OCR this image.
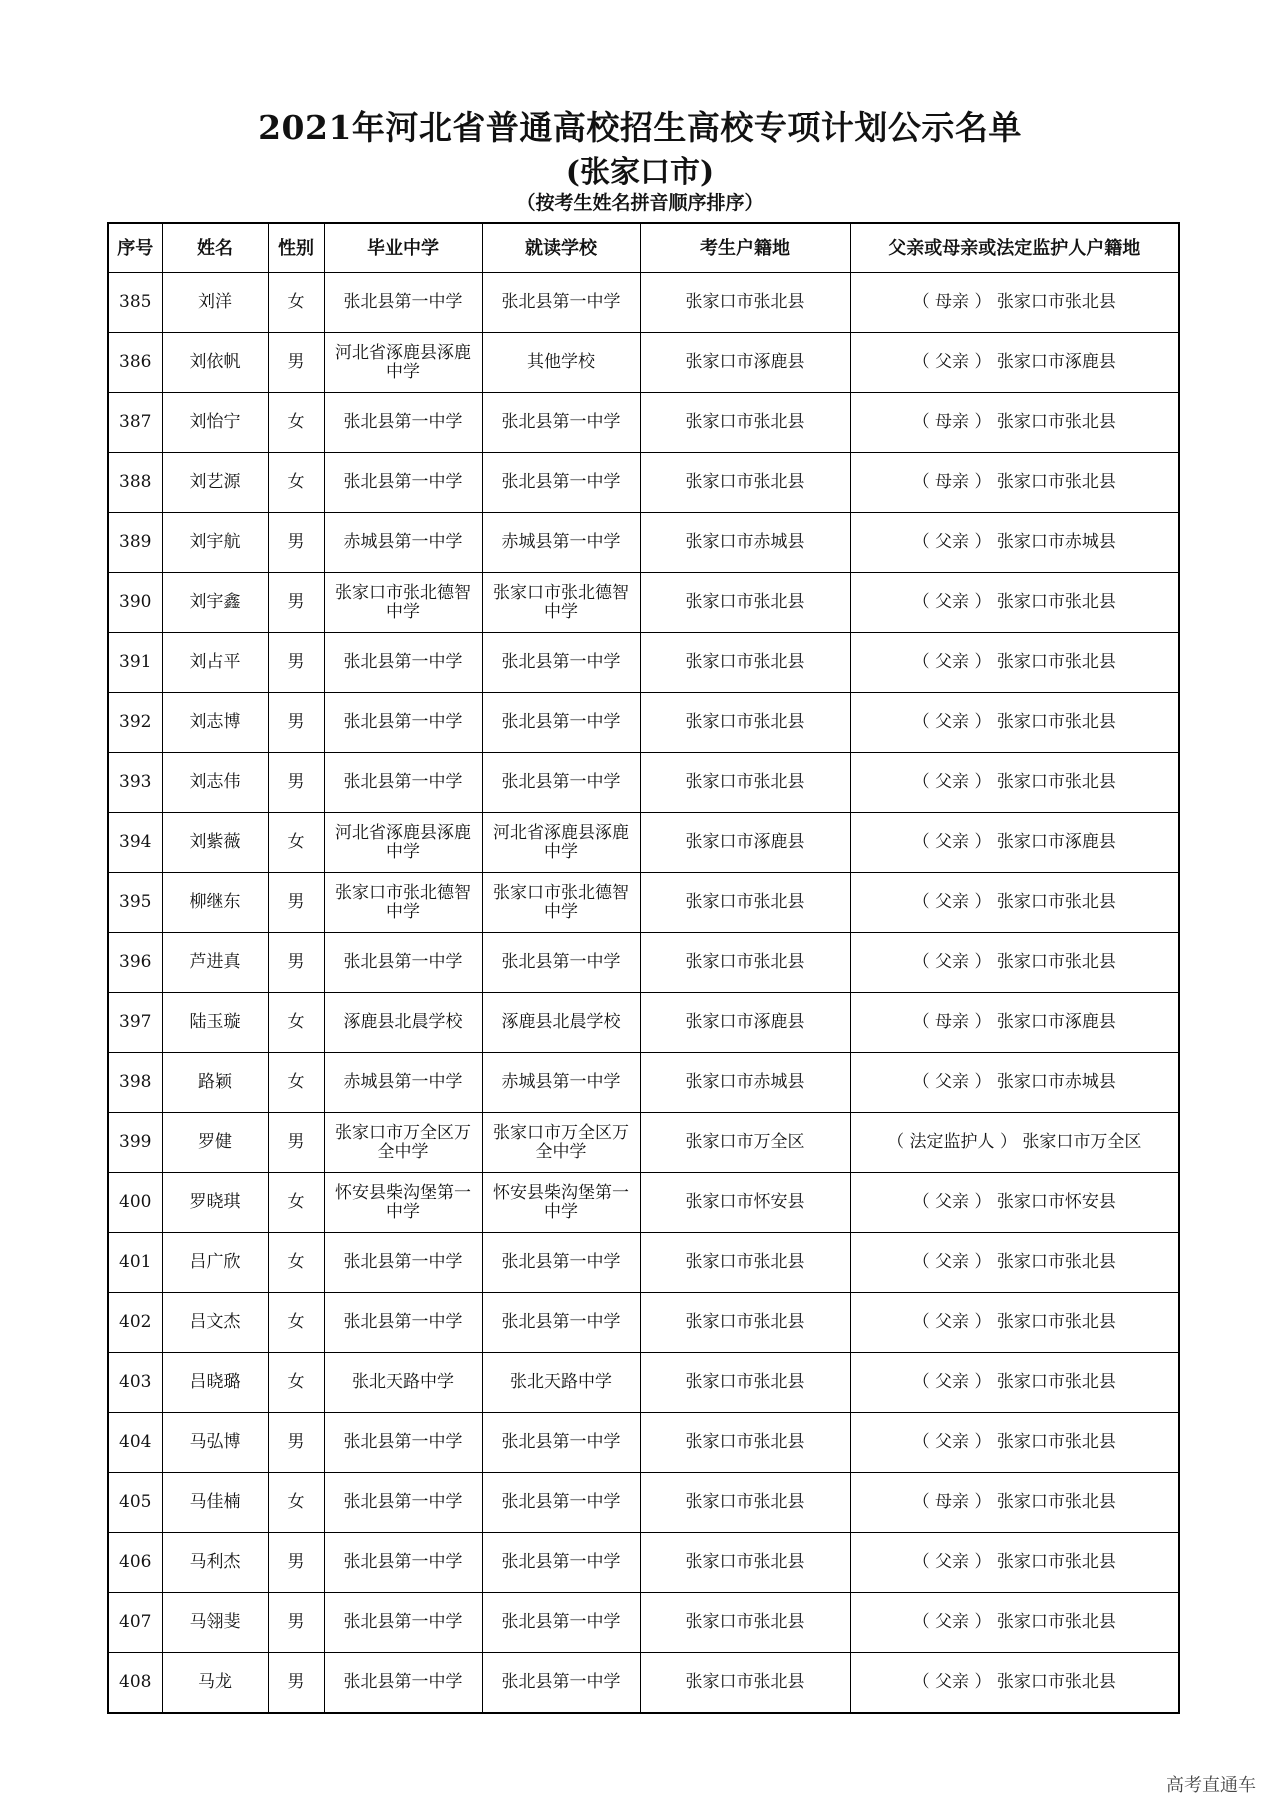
2021年河北省普通高校招生高校专项计划公示名单
(张家口市)
（按考生姓名拼音顺序排序）
序号	姓名	性别	毕业中学	就读学校	考生户籍地	父亲或母亲或法定监护人户籍地
385	刘洋	女	张北县第一中学	张北县第一中学	张家口市张北县	（ 母亲 ） 张家口市张北县
386	刘依帆	男	河北省涿鹿县涿鹿中学	其他学校	张家口市涿鹿县	（ 父亲 ） 张家口市涿鹿县
387	刘怡宁	女	张北县第一中学	张北县第一中学	张家口市张北县	（ 母亲 ） 张家口市张北县
388	刘艺源	女	张北县第一中学	张北县第一中学	张家口市张北县	（ 母亲 ） 张家口市张北县
389	刘宇航	男	赤城县第一中学	赤城县第一中学	张家口市赤城县	（ 父亲 ） 张家口市赤城县
390	刘宇鑫	男	张家口市张北德智中学	张家口市张北德智中学	张家口市张北县	（ 父亲 ） 张家口市张北县
391	刘占平	男	张北县第一中学	张北县第一中学	张家口市张北县	（ 父亲 ） 张家口市张北县
392	刘志博	男	张北县第一中学	张北县第一中学	张家口市张北县	（ 父亲 ） 张家口市张北县
393	刘志伟	男	张北县第一中学	张北县第一中学	张家口市张北县	（ 父亲 ） 张家口市张北县
394	刘紫薇	女	河北省涿鹿县涿鹿中学	河北省涿鹿县涿鹿中学	张家口市涿鹿县	（ 父亲 ） 张家口市涿鹿县
395	柳继东	男	张家口市张北德智中学	张家口市张北德智中学	张家口市张北县	（ 父亲 ） 张家口市张北县
396	芦进真	男	张北县第一中学	张北县第一中学	张家口市张北县	（ 父亲 ） 张家口市张北县
397	陆玉璇	女	涿鹿县北晨学校	涿鹿县北晨学校	张家口市涿鹿县	（ 母亲 ） 张家口市涿鹿县
398	路颖	女	赤城县第一中学	赤城县第一中学	张家口市赤城县	（ 父亲 ） 张家口市赤城县
399	罗健	男	张家口市万全区万全中学	张家口市万全区万全中学	张家口市万全区	（ 法定监护人 ） 张家口市万全区
400	罗晓琪	女	怀安县柴沟堡第一中学	怀安县柴沟堡第一中学	张家口市怀安县	（ 父亲 ） 张家口市怀安县
401	吕广欣	女	张北县第一中学	张北县第一中学	张家口市张北县	（ 父亲 ） 张家口市张北县
402	吕文杰	女	张北县第一中学	张北县第一中学	张家口市张北县	（ 父亲 ） 张家口市张北县
403	吕晓璐	女	张北天路中学	张北天路中学	张家口市张北县	（ 父亲 ） 张家口市张北县
404	马弘博	男	张北县第一中学	张北县第一中学	张家口市张北县	（ 父亲 ） 张家口市张北县
405	马佳楠	女	张北县第一中学	张北县第一中学	张家口市张北县	（ 母亲 ） 张家口市张北县
406	马利杰	男	张北县第一中学	张北县第一中学	张家口市张北县	（ 父亲 ） 张家口市张北县
407	马翎斐	男	张北县第一中学	张北县第一中学	张家口市张北县	（ 父亲 ） 张家口市张北县
408	马龙	男	张北县第一中学	张北县第一中学	张家口市张北县	（ 父亲 ） 张家口市张北县
高考直通车
